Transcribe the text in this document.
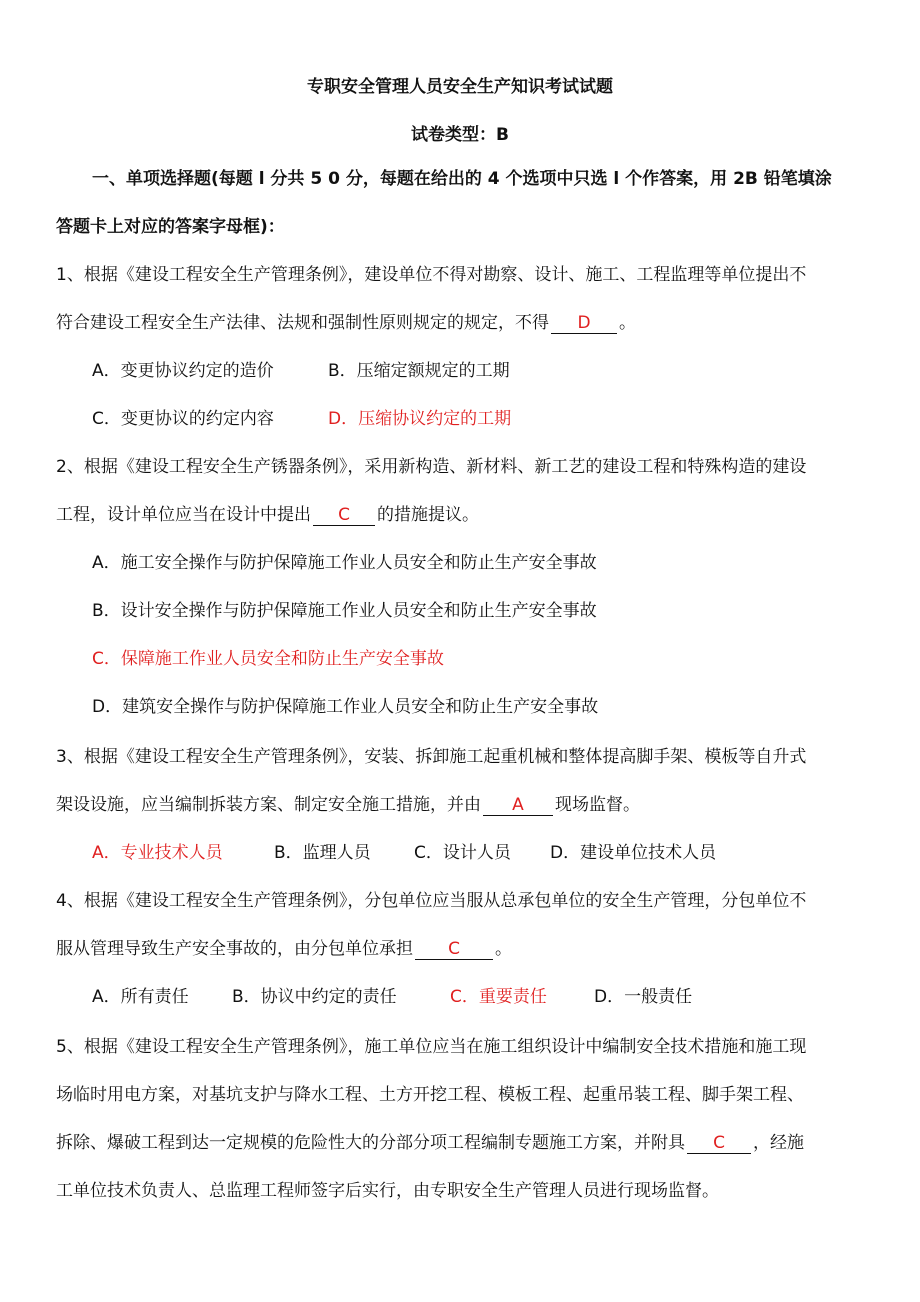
专职安全管理人员安全生产知识考试试题
试卷类型：B
一、单项选择题(每题 l 分共 5 0 分，每题在给出的 4 个选项中只选 l 个作答案，用 2B 铅笔填涂
答题卡上对应的答案字母框)：
1、根据《建设工程安全生产管理条例》，建设单位不得对勘察、设计、施工、工程监理等单位提出不
符合建设工程安全生产法律、法规和强制性原则规定的规定，不得 D 。
A．变更协议约定的造价	B．压缩定额规定的工期
C．变更协议的约定内容	D．压缩协议约定的工期
2、根据《建设工程安全生产锈器条例》，采用新构造、新材料、新工艺的建设工程和特殊构造的建设
工程，设计单位应当在设计中提出 C 的措施提议。
A．施工安全操作与防护保障施工作业人员安全和防止生产安全事故
B．设计安全操作与防护保障施工作业人员安全和防止生产安全事故
C．保障施工作业人员安全和防止生产安全事故
D．建筑安全操作与防护保障施工作业人员安全和防止生产安全事故
3、根据《建设工程安全生产管理条例》，安装、拆卸施工起重机械和整体提高脚手架、模板等自升式
架设设施，应当编制拆装方案、制定安全施工措施，并由 A 现场监督。
A．专业技术人员	B．监理人员	C．设计人员 D．建设单位技术人员
4、根据《建设工程安全生产管理条例》，分包单位应当服从总承包单位的安全生产管理，分包单位不
服从管理导致生产安全事故的，由分包单位承担 C 。
A．所有责任	B．协议中约定的责任	C．重要责任	D．一般责任
5、根据《建设工程安全生产管理条例》，施工单位应当在施工组织设计中编制安全技术措施和施工现
场临时用电方案，对基坑支护与降水工程、土方开挖工程、模板工程、起重吊装工程、脚手架工程、
拆除、爆破工程到达一定规模的危险性大的分部分项工程编制专题施工方案，并附具 C ，经施
工单位技术负责人、总监理工程师签字后实行，由专职安全生产管理人员进行现场监督。
